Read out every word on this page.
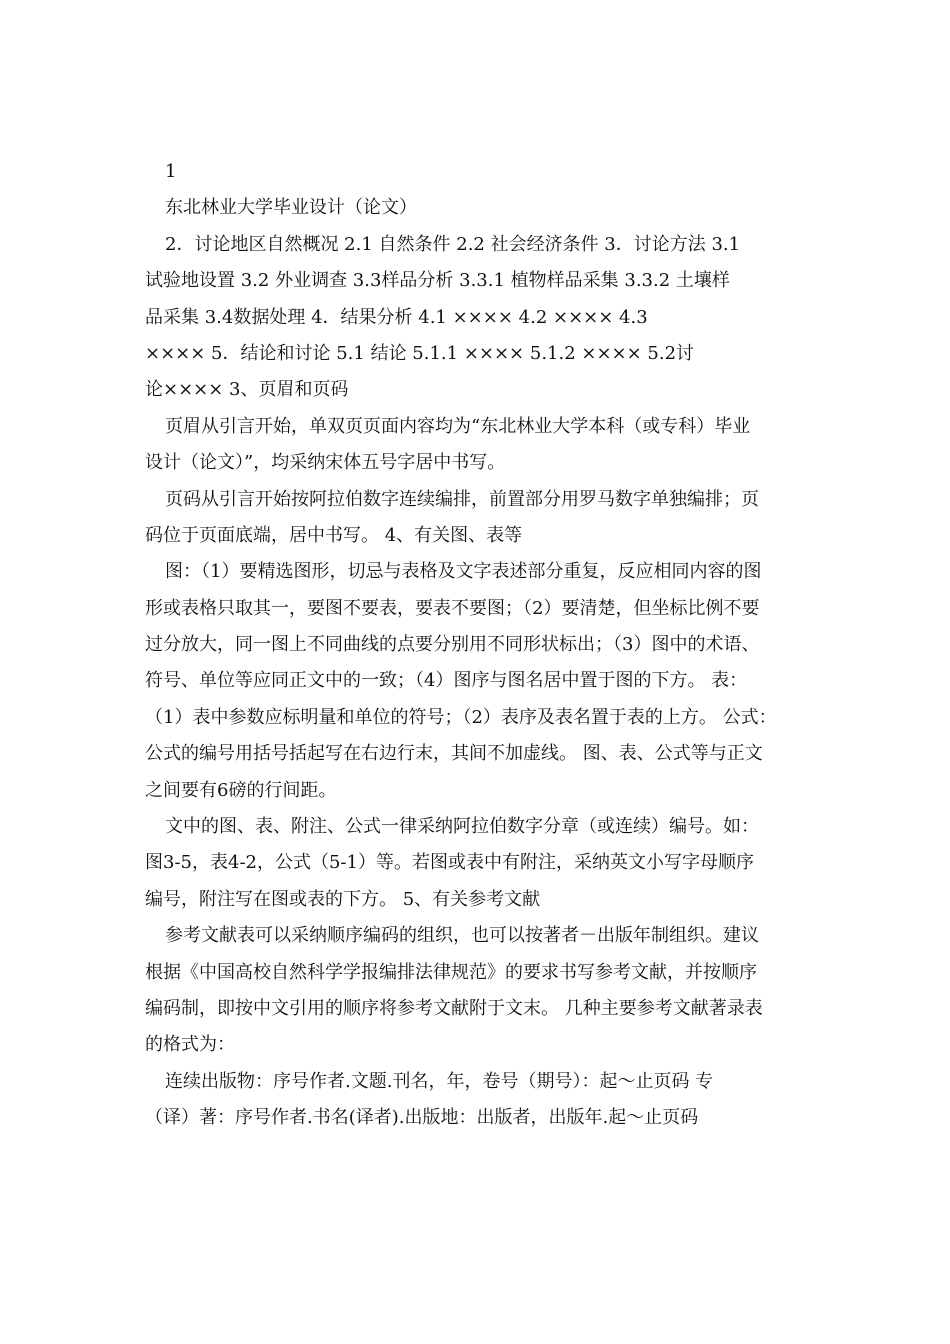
1
东北林业大学毕业设计（论文）
2．讨论地区自然概况 2.1 自然条件 2.2 社会经济条件 3．讨论方法 3.1
试验地设置 3.2 外业调查 3.3样品分析 3.3.1 植物样品采集 3.3.2 土壤样
品采集 3.4数据处理 4．结果分析 4.1 ×××× 4.2 ×××× 4.3
×××× 5．结论和讨论 5.1 结论 5.1.1 ×××× 5.1.2 ×××× 5.2讨
论×××× 3、页眉和页码
页眉从引言开始，单双页页面内容均为“东北林业大学本科（或专科）毕业
设计（论文）”，均采纳宋体五号字居中书写。
页码从引言开始按阿拉伯数字连续编排，前置部分用罗马数字单独编排；页
码位于页面底端，居中书写。 4、有关图、表等
图：（1）要精选图形，切忌与表格及文字表述部分重复，反应相同内容的图
形或表格只取其一，要图不要表，要表不要图；（2）要清楚，但坐标比例不要
过分放大，同一图上不同曲线的点要分别用不同形状标出；（3）图中的术语、
符号、单位等应同正文中的一致；（4）图序与图名居中置于图的下方。 表：
（1）表中参数应标明量和单位的符号；（2）表序及表名置于表的上方。 公式：
公式的编号用括号括起写在右边行末，其间不加虚线。 图、表、公式等与正文
之间要有6磅的行间距。
文中的图、表、附注、公式一律采纳阿拉伯数字分章（或连续）编号。如：
图3-5，表4-2，公式（5-1）等。若图或表中有附注，采纳英文小写字母顺序
编号，附注写在图或表的下方。 5、有关参考文献
参考文献表可以采纳顺序编码的组织，也可以按著者－出版年制组织。建议
根据《中国高校自然科学学报编排法律规范》的要求书写参考文献，并按顺序
编码制，即按中文引用的顺序将参考文献附于文末。 几种主要参考文献著录表
的格式为：
连续出版物：序号作者.文题.刊名，年，卷号（期号）：起～止页码 专
（译）著：序号作者.书名(译者).出版地：出版者，出版年.起～止页码
